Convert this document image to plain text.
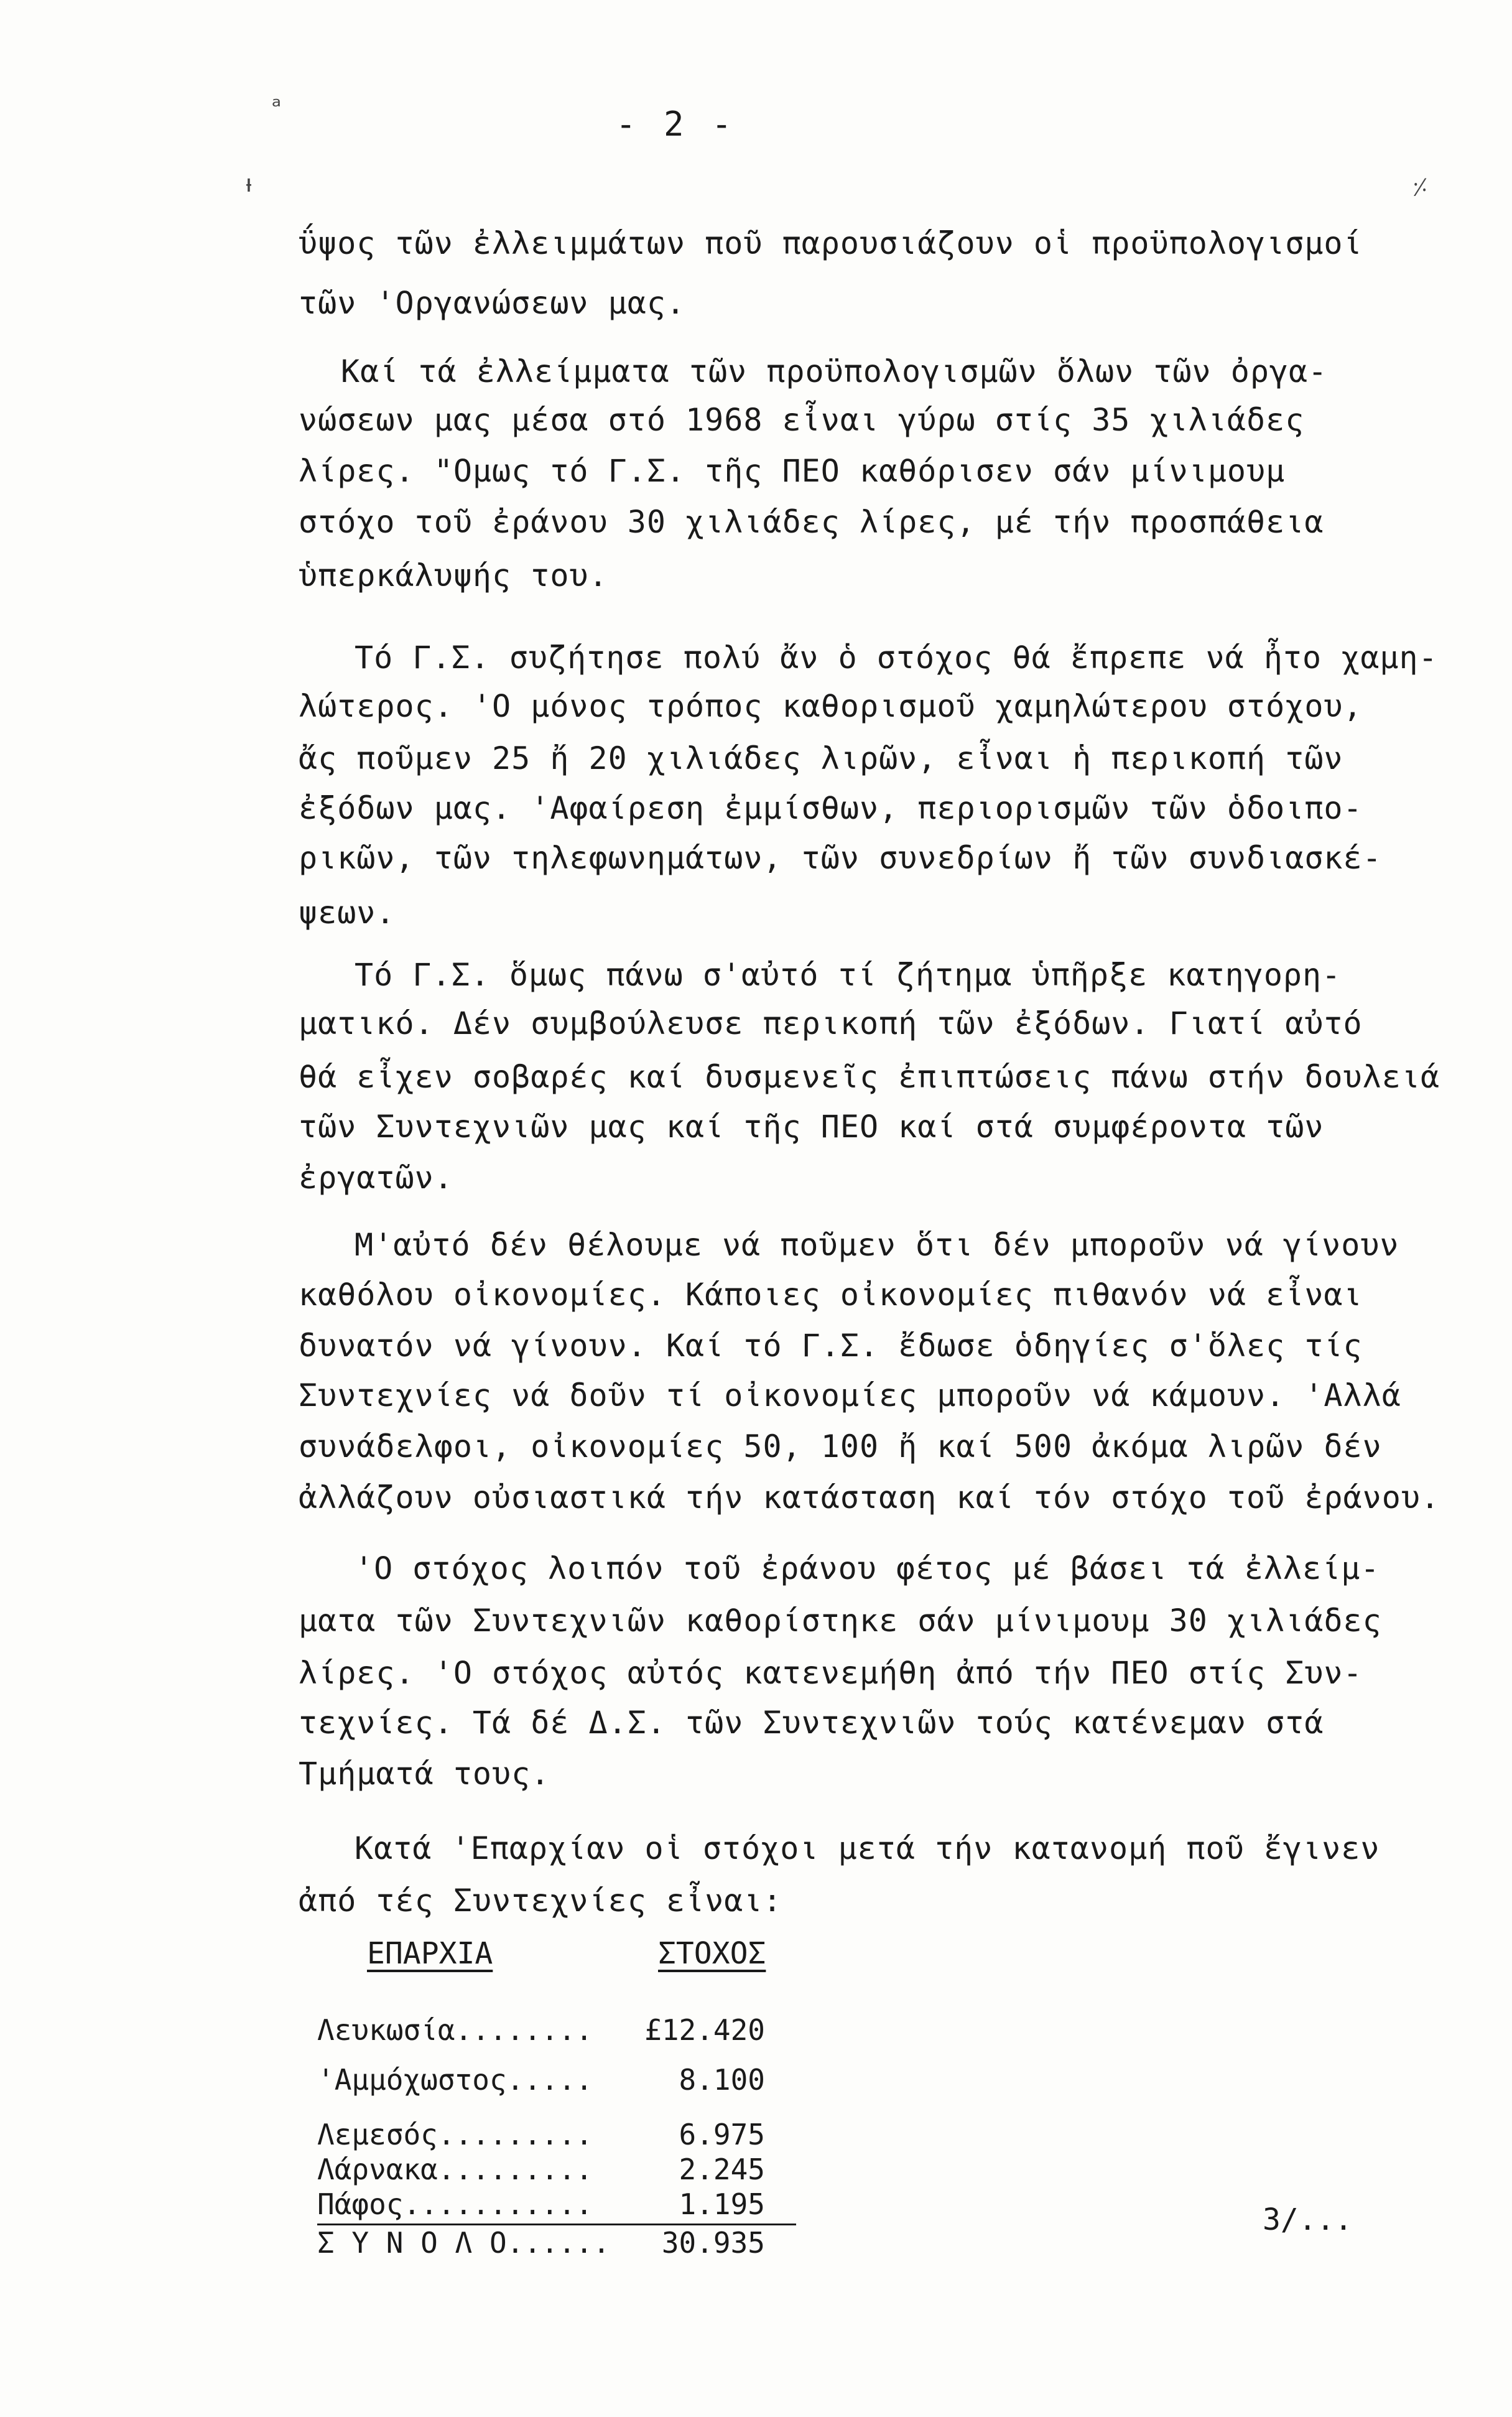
ᵃ
ᵼ	⸓
- 2 -
ΰψος τῶν ἐλλειμμάτων ποῦ παρουσιάζουν οἱ προϋπολογισμοί
τῶν 'Οργανώσεων μας.
Καί τά ἐλλείμματα τῶν προϋπολογισμῶν ὅλων τῶν ὀργα-
νώσεων μας μέσα στό 1968 εἶναι γύρω στίς 35 χιλιάδες
λίρες. "Ομως τό Γ.Σ. τῆς ΠΕΟ καθόρισεν σάν μίνιμουμ
στόχο τοῦ ἐράνου 30 χιλιάδες λίρες, μέ τήν προσπάθεια
ὑπερκάλυψής του.
Τό Γ.Σ. συζήτησε πολύ ἄν ὁ στόχος θά ἔπρεπε νά ἦτο χαμη-
λώτερος. 'Ο μόνος τρόπος καθορισμοῦ χαμηλώτερου στόχου,
ἄς ποῦμεν 25 ἤ 20 χιλιάδες λιρῶν, εἶναι ἡ περικοπή τῶν
ἐξόδων μας. 'Αφαίρεση ἐμμίσθων, περιορισμῶν τῶν ὁδοιπο-
ρικῶν, τῶν τηλεφωνημάτων, τῶν συνεδρίων ἤ τῶν συνδιασκέ-
ψεων.
Τό Γ.Σ. ὅμως πάνω σ'αὐτό τί ζήτημα ὑπῆρξε κατηγορη-
ματικό. Δέν συμβούλευσε περικοπή τῶν ἐξόδων. Γιατί αὐτό
θά εἶχεν σοβαρές καί δυσμενεῖς ἐπιπτώσεις πάνω στήν δουλειά
τῶν Συντεχνιῶν μας καί τῆς ΠΕΟ καί στά συμφέροντα τῶν
ἐργατῶν.
Μ'αὐτό δέν θέλουμε νά ποῦμεν ὅτι δέν μποροῦν νά γίνουν
καθόλου οἰκονομίες. Κάποιες οἰκονομίες πιθανόν νά εἶναι
δυνατόν νά γίνουν. Καί τό Γ.Σ. ἔδωσε ὁδηγίες σ'ὅλες τίς
Συντεχνίες νά δοῦν τί οἰκονομίες μποροῦν νά κάμουν. 'Αλλά
συνάδελφοι, οἰκονομίες 50, 100 ἤ καί 500 ἀκόμα λιρῶν δέν
ἀλλάζουν οὐσιαστικά τήν κατάσταση καί τόν στόχο τοῦ ἐράνου.
'Ο στόχος λοιπόν τοῦ ἐράνου φέτος μέ βάσει τά ἐλλείμ-
ματα τῶν Συντεχνιῶν καθορίστηκε σάν μίνιμουμ 30 χιλιάδες
λίρες. 'Ο στόχος αὐτός κατενεμήθη ἀπό τήν ΠΕΟ στίς Συν-
τεχνίες. Τά δέ Δ.Σ. τῶν Συντεχνιῶν τούς κατένεμαν στά
Τμήματά τους.
Κατά 'Επαρχίαν οἱ στόχοι μετά τήν κατανομή ποῦ ἔγινεν
ἀπό τές Συντεχνίες εἶναι:
ΕΠΑΡΧΙΑ	ΣΤΟΧΟΣ
Λευκωσία........	£12.420
'Αμμόχωστος.....	8.100
Λεμεσός.........	6.975
Λάρνακα.........	2.245
Πάφος...........	1.195
Σ Υ Ν Ο Λ Ο......	30.935
3/...
